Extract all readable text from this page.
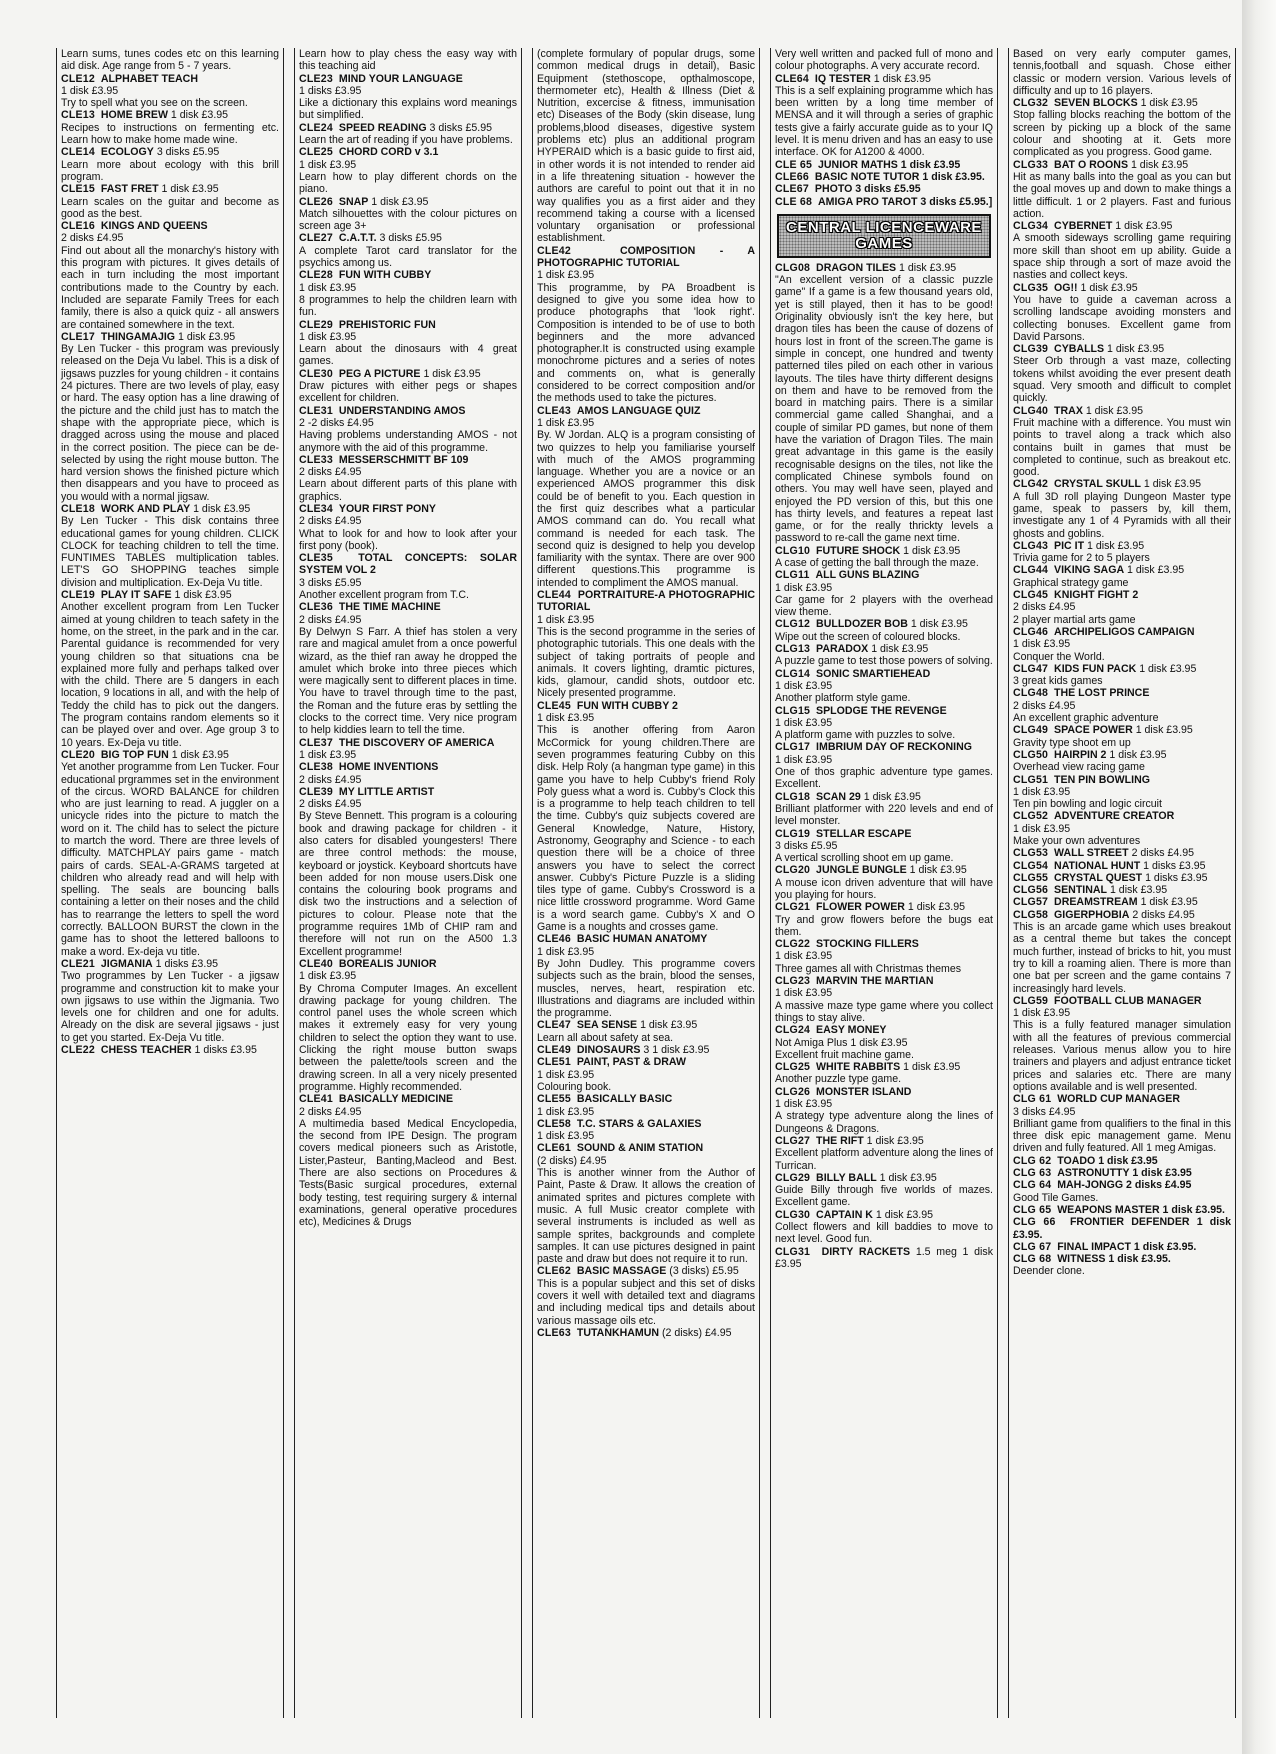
Learn sums, tunes codes etc on this learning aid disk. Age range from 5 - 7 years.

CLE12 ALPHABET TEACH

1 disk £3.95

Try to spell what you see on the screen.

CLE13 HOME BREW 1 disk £3.95

Recipes to instructions on fermenting etc. Learn how to make home made wine.

CLE14 ECOLOGY 3 disks £5.95

Learn more about ecology with this brill program.

CLE15 FAST FRET 1 disk £3.95

Learn scales on the guitar and become as good as the best.

CLE16 KINGS AND QUEENS

2 disks £4.95

Find out about all the monarchy's history with this program with pictures. It gives details of each in turn including the most important contributions made to the Country by each. Included are separate Family Trees for each family, there is also a quick quiz - all answers are contained somewhere in the text.

CLE17 THINGAMAJIG 1 disk £3.95

By Len Tucker - this program was previously released on the Deja Vu label. This is a disk of jigsaws puzzles for young children - it contains 24 pictures. There are two levels of play, easy or hard. The easy option has a line drawing of the picture and the child just has to match the shape with the appropriate piece, which is dragged across using the mouse and placed in the correct position. The piece can be de-selected by using the right mouse button. The hard version shows the finished picture which then disappears and you have to proceed as you would with a normal jigsaw.

CLE18 WORK AND PLAY 1 disk £3.95

By Len Tucker - This disk contains three educational games for young children. CLICK CLOCK for teaching children to tell the time. FUNTIMES TABLES multiplication tables. LET'S GO SHOPPING teaches simple division and multiplication. Ex-Deja Vu title.

CLE19 PLAY IT SAFE 1 disk £3.95

Another excellent program from Len Tucker aimed at young children to teach safety in the home, on the street, in the park and in the car. Parental guidance is recommended for very young children so that situations cna be explained more fully and perhaps talked over with the child. There are 5 dangers in each location, 9 locations in all, and with the help of Teddy the child has to pick out the dangers. The program contains random elements so it can be played over and over. Age group 3 to 10 years. Ex-Deja vu title.

CLE20 BIG TOP FUN 1 disk £3.95

Yet another programme from Len Tucker. Four educational prgrammes set in the environment of the circus. WORD BALANCE for children who are just learning to read. A juggler on a unicycle rides into the picture to match the word on it. The child has to select the picture to martch the word. There are three levels of difficulty. MATCHPLAY pairs game - match pairs of cards. SEAL-A-GRAMS targeted at children who already read and will help with spelling. The seals are bouncing balls containing a letter on their noses and the child has to rearrange the letters to spell the word correctly. BALLOON BURST the clown in the game has to shoot the lettered balloons to make a word. Ex-deja vu title.

CLE21 JIGMANIA 1 disks £3.95

Two programmes by Len Tucker - a jigsaw programme and construction kit to make your own jigsaws to use within the Jigmania. Two levels one for children and one for adults. Already on the disk are several jigsaws - just to get you started. Ex-Deja Vu title.

CLE22 CHESS TEACHER 1 disks £3.95

Learn how to play chess the easy way with this teaching aid

CLE23 MIND YOUR LANGUAGE

1 disks £3.95

Like a dictionary this explains word meanings but simplified.

CLE24 SPEED READING 3 disks £5.95

Learn the art of reading if you have problems.

CLE25 CHORD CORD v 3.1

1 disk £3.95

Learn how to play different chords on the piano.

CLE26 SNAP 1 disk £3.95

Match silhouettes with the colour pictures on screen age 3+

CLE27 C.A.T.T. 3 disks £5.95

A complete Tarot card translator for the psychics among us.

CLE28 FUN WITH CUBBY

1 disk £3.95

8 programmes to help the children learn with fun.

CLE29 PREHISTORIC FUN

1 disk £3.95

Learn about the dinosaurs with 4 great games.

CLE30 PEG A PICTURE 1 disk £3.95

Draw pictures with either pegs or shapes excellent for children.

CLE31 UNDERSTANDING AMOS

2 -2 disks £4.95

Having problems understanding AMOS - not anymore with the aid of this programme.

CLE33 MESSERSCHMITT BF 109

2 disks £4.95

Learn about different parts of this plane with graphics.

CLE34 YOUR FIRST PONY

2 disks £4.95

What to look for and how to look after your first pony (book).

CLE35 TOTAL CONCEPTS: SOLAR SYSTEM VOL 2

3 disks £5.95

Another excellent program from T.C.

CLE36 THE TIME MACHINE

2 disks £4.95

By Delwyn S Farr. A thief has stolen a very rare and magical amulet from a once powerful wizard, as the thief ran away he dropped the amulet which broke into three pieces which were magically sent to different places in time. You have to travel through time to the past, the Roman and the future eras by settling the clocks to the correct time. Very nice program to help kiddies learn to tell the time.

CLE37 THE DISCOVERY OF AMERICA

1 disk £3.95

CLE38 HOME INVENTIONS

2 disks £4.95

CLE39 MY LITTLE ARTIST

2 disks £4.95

By Steve Bennett. This program is a colouring book and drawing package for children - it also caters for disabled youngesters! There are three control methods: the mouse, keyboard or joystick. Keyboard shortcuts have been added for non mouse users.Disk one contains the colouring book programs and disk two the instructions and a selection of pictures to colour. Please note that the programme requires 1Mb of CHIP ram and therefore will not run on the A500 1.3 Excellent programme!

CLE40 BOREALIS JUNIOR

1 disk £3.95

By Chroma Computer Images. An excellent drawing package for young children. The control panel uses the whole screen which makes it extremely easy for very young children to select the option they want to use. Clicking the right mouse button swaps between the palette/tools screen and the drawing screen. In all a very nicely presented programme. Highly recommended.

CLE41 BASICALLY MEDICINE

2 disks £4.95

A multimedia based Medical Encyclopedia, the second from IPE Design. The program covers medical pioneers such as Aristotle, Lister,Pasteur, Banting,Macleod and Best. There are also sections on Procedures & Tests(Basic surgical procedures, external body testing, test requiring surgery & internal examinations, general operative procedures etc), Medicines & Drugs

(complete formulary of popular drugs, some common medical drugs in detail), Basic Equipment (stethoscope, opthalmoscope, thermometer etc), Health & Illness (Diet & Nutrition, excercise & fitness, immunisation etc) Diseases of the Body (skin disease, lung problems,blood diseases, digestive system problems etc) plus an additional program HYPERAID which is a basic guide to first aid, in other words it is not intended to render aid in a life threatening situation - however the authors are careful to point out that it in no way qualifies you as a first aider and they recommend taking a course with a licensed voluntary organisation or professional establishment.

CLE42	COMPOSITION - A PHOTOGRAPHIC TUTORIAL

1 disk £3.95

This programme, by PA Broadbent is designed to give you some idea how to produce photographs that 'look right'. Composition is intended to be of use to both beginners and the more advanced photographer.It is constructed using example monochrome pictures and a series of notes and comments on, what is generally considered to be correct composition and/or the methods used to take the pictures.

CLE43 AMOS LANGUAGE QUIZ

1 disk £3.95

By. W Jordan. ALQ is a program consisting of two quizzes to help you familiarise yourself with much of the AMOS programming language. Whether you are a novice or an experienced AMOS programmer this disk could be of benefit to you. Each question in the first quiz describes what a particular AMOS command can do. You recall what command is needed for each task. The second quiz is designed to help you develop familiarity with the syntax. There are over 900 different questions.This programme is intended to compliment the AMOS manual.

CLE44 PORTRAITURE-A PHOTOGRAPHIC TUTORIAL

1 disk £3.95

This is the second programme in the series of photographic tutorials. This one deals with the subject of taking portraits of people and animals. It covers lighting, dramtic pictures, kids, glamour, candid shots, outdoor etc. Nicely presented programme.

CLE45 FUN WITH CUBBY 2

1 disk £3.95

This is another offering from Aaron McCormick for young children.There are seven programmes featuring Cubby on this disk. Help Roly (a hangman type game) in this game you have to help Cubby's friend Roly Poly guess what a word is. Cubby's Clock this is a programme to help teach children to tell the time. Cubby's quiz subjects covered are General Knowledge, Nature, History, Astronomy, Geography and Science - to each question there will be a choice of three answers you have to select the correct answer. Cubby's Picture Puzzle is a sliding tiles type of game. Cubby's Crossword is a nice little crossword programme. Word Game is a word search game. Cubby's X and O Game is a noughts and crosses game.

CLE46 BASIC HUMAN ANATOMY

1 disk £3.95

By John Dudley. This programme covers subjects such as the brain, blood the senses, muscles, nerves, heart, respiration etc. Illustrations and diagrams are included within the programme.

CLE47 SEA SENSE 1 disk £3.95

Learn all about safety at sea.

CLE49 DINOSAURS 3 1 disk £3.95

CLE51 PAINT, PAST & DRAW

1 disk £3.95

Colouring book.

CLE55 BASICALLY BASIC

1 disk £3.95

CLE58 T.C. STARS & GALAXIES

1 disk £3.95

CLE61 SOUND & ANIM STATION

(2 disks) £4.95

This is another winner from the Author of Paint, Paste & Draw. It allows the creation of animated sprites and pictures complete with music. A full Music creator complete with several instruments is included as well as sample sprites, backgrounds and complete samples. It can use pictures designed in paint paste and draw but does not require it to run.

CLE62 BASIC MASSAGE (3 disks) £5.95

This is a popular subject and this set of disks covers it well with detailed text and diagrams and including medical tips and details about various massage oils etc.

CLE63 TUTANKHAMUN (2 disks) £4.95

Very well written and packed full of mono and colour photographs. A very accurate record.

CLE64 IQ TESTER 1 disk £3.95

This is a self explaining programme which has been written by a long time member of MENSA and it will through a series of graphic tests give a fairly accurate guide as to your IQ level. It is menu driven and has an easy to use interface. OK for A1200 & 4000.

CLE 65 JUNIOR MATHS 1 disk £3.95

CLE66 BASIC NOTE TUTOR 1 disk £3.95.

CLE67 PHOTO 3 disks £5.95

CLE 68 AMIGA PRO TAROT 3 disks £5.95.]

CENTRAL LICENCEWARE
GAMES

CLG08 DRAGON TILES 1 disk £3.95

"An excellent version of a classic puzzle game" If a game is a few thousand years old, yet is still played, then it has to be good! Originality obviously isn't the key here, but dragon tiles has been the cause of dozens of hours lost in front of the screen.The game is simple in concept, one hundred and twenty patterned tiles piled on each other in various layouts. The tiles have thirty different designs on them and have to be removed from the board in matching pairs. There is a similar commercial game called Shanghai, and a couple of similar PD games, but none of them have the variation of Dragon Tiles. The main great advantage in this game is the easily recognisable designs on the tiles, not like the complicated Chinese symbols found on others. You may well have seen, played and enjoyed the PD version of this, but this one has thirty levels, and features a repeat last game, or for the really thrickty levels a password to re-call the game next time.

CLG10 FUTURE SHOCK 1 disk £3.95

A case of getting the ball through the maze.

CLG11 ALL GUNS BLAZING

1 disk £3.95

Car game for 2 players with the overhead view theme.

CLG12 BULLDOZER BOB 1 disk £3.95

Wipe out the screen of coloured blocks.

CLG13 PARADOX 1 disk £3.95

A puzzle game to test those powers of solving.

CLG14 SONIC SMARTIEHEAD

1 disk £3.95

Another platform style game.

CLG15 SPLODGE THE REVENGE

1 disk £3.95

A platform game with puzzles to solve.

CLG17 IMBRIUM DAY OF RECKONING

1 disk £3.95

One of thos graphic adventure type games. Excellent.

CLG18 SCAN 29 1 disk £3.95

Brilliant platformer with 220 levels and end of level monster.

CLG19 STELLAR ESCAPE

3 disks £5.95

A vertical scrolling shoot em up game.

CLG20 JUNGLE BUNGLE 1 disk £3.95

A mouse icon driven adventure that will have you playing for hours.

CLG21 FLOWER POWER 1 disk £3.95

Try and grow flowers before the bugs eat them.

CLG22 STOCKING FILLERS

1 disk £3.95

Three games all with Christmas themes

CLG23 MARVIN THE MARTIAN

1 disk £3.95

A massive maze type game where you collect things to stay alive.

CLG24 EASY MONEY

Not Amiga Plus 1 disk £3.95

Excellent fruit machine game.

CLG25 WHITE RABBITS 1 disk £3.95

Another puzzle type game.

CLG26 MONSTER ISLAND

1 disk £3.95

A strategy type adventure along the lines of Dungeons & Dragons.

CLG27 THE RIFT 1 disk £3.95

Excellent platform adventure along the lines of Turrican.

CLG29 BILLY BALL 1 disk £3.95

Guide Billy through five worlds of mazes. Excellent game.

CLG30 CAPTAIN K 1 disk £3.95

Collect flowers and kill baddies to move to next level. Good fun.

CLG31 DIRTY RACKETS 1.5 meg 1 disk £3.95

Based on very early computer games, tennis,football and squash. Chose either classic or modern version. Various levels of difficulty and up to 16 players.

CLG32 SEVEN BLOCKS 1 disk £3.95

Stop falling blocks reaching the bottom of the screen by picking up a block of the same colour and shooting at it. Gets more complicated as you progress. Good game.

CLG33 BAT O ROONS 1 disk £3.95

Hit as many balls into the goal as you can but the goal moves up and down to make things a little difficult. 1 or 2 players. Fast and furious action.

CLG34 CYBERNET 1 disk £3.95

A smooth sideways scrolling game requiring more skill than shoot em up ability. Guide a space ship through a sort of maze avoid the nasties and collect keys.

CLG35 OG!! 1 disk £3.95

You have to guide a caveman across a scrolling landscape avoiding monsters and collecting bonuses. Excellent game from David Parsons.

CLG39 CYBALLS 1 disk £3.95

Steer Orb through a vast maze, collecting tokens whilst avoiding the ever present death squad. Very smooth and difficult to complet quickly.

CLG40 TRAX 1 disk £3.95

Fruit machine with a difference. You must win points to travel along a track which also contains built in games that must be completed to continue, such as breakout etc. good.

CLG42 CRYSTAL SKULL 1 disk £3.95

A full 3D roll playing Dungeon Master type game, speak to passers by, kill them, investigate any 1 of 4 Pyramids with all their ghosts and goblins.

CLG43 PIC IT 1 disk £3.95

Trivia game for 2 to 5 players

CLG44 VIKING SAGA 1 disk £3.95

Graphical strategy game

CLG45 KNIGHT FIGHT 2

2 disks £4.95

2 player martial arts game

CLG46 ARCHIPELIGOS CAMPAIGN

1 disk £3.95

Conquer the World.

CLG47 KIDS FUN PACK 1 disk £3.95

3 great kids games

CLG48 THE LOST PRINCE

2 disks £4.95

An excellent graphic adventure

CLG49 SPACE POWER 1 disk £3.95

Gravity type shoot em up

CLG50 HAIRPIN 2 1 disk £3.95

Overhead view racing game

CLG51 TEN PIN BOWLING

1 disk £3.95

Ten pin bowling and logic circuit

CLG52 ADVENTURE CREATOR

1 disk £3.95

Make your own adventures

CLG53 WALL STREET 2 disks £4.95

CLG54 NATIONAL HUNT 1 disks £3.95

CLG55 CRYSTAL QUEST 1 disks £3.95

CLG56 SENTINAL 1 disk £3.95

CLG57 DREAMSTREAM 1 disk £3.95

CLG58 GIGERPHOBIA 2 disks £4.95

This is an arcade game which uses breakout as a central theme but takes the concept much further, instead of bricks to hit, you must try to kill a roaming alien. There is more than one bat per screen and the game contains 7 increasingly hard levels.

CLG59 FOOTBALL CLUB MANAGER

1 disk £3.95

This is a fully featured manager simulation with all the features of previous commercial releases. Various menus allow you to hire trainers and players and adjust entrance ticket prices and salaries etc. There are many options available and is well presented.

CLG 61 WORLD CUP MANAGER

3 disks £4.95

Brilliant game from qualifiers to the final in this three disk epic management game. Menu driven and fully featured. All 1 meg Amigas.

CLG 62 TOADO 1 disk £3.95

CLG 63 ASTRONUTTY 1 disk £3.95

CLG 64 MAH-JONGG 2 disks £4.95

Good Tile Games.

CLG 65 WEAPONS MASTER 1 disk £3.95.

CLG 66 FRONTIER DEFENDER 1 disk £3.95.

CLG 67 FINAL IMPACT 1 disk £3.95.

CLG 68 WITNESS 1 disk £3.95.

Deender clone.
